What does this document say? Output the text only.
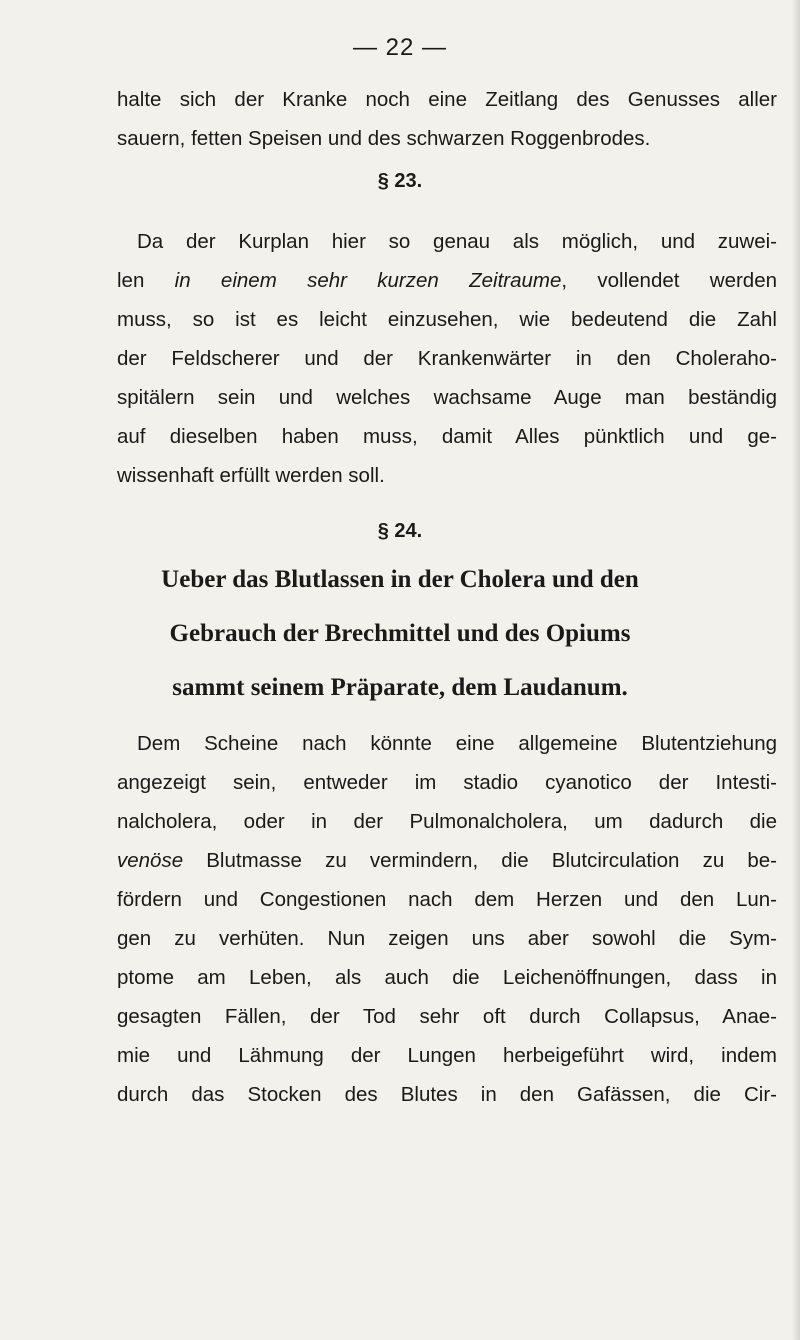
— 22 —
halte sich der Kranke noch eine Zeitlang des Genusses aller
sauern, fetten Speisen und des schwarzen Roggenbrodes.
§ 23.
Da der Kurplan hier so genau als möglich, und zuwei-
len in einem sehr kurzen Zeitraume, vollendet werden
muss, so ist es leicht einzusehen, wie bedeutend die Zahl
der Feldscherer und der Krankenwärter in den Choleraho-
spitälern sein und welches wachsame Auge man beständig
auf dieselben haben muss, damit Alles pünktlich und ge-
wissenhaft erfüllt werden soll.
§ 24.
Ueber das Blutlassen in der Cholera und den
Gebrauch der Brechmittel und des Opiums
sammt seinem Präparate, dem Laudanum.
Dem Scheine nach könnte eine allgemeine Blutentziehung
angezeigt sein, entweder im stadio cyanotico der Intesti-
nalcholera, oder in der Pulmonalcholera, um dadurch die
venöse Blutmasse zu vermindern, die Blutcirculation zu be-
fördern und Congestionen nach dem Herzen und den Lun-
gen zu verhüten. Nun zeigen uns aber sowohl die Sym-
ptome am Leben, als auch die Leichenöffnungen, dass in
gesagten Fällen, der Tod sehr oft durch Collapsus, Anae-
mie und Lähmung der Lungen herbeigeführt wird, indem
durch das Stocken des Blutes in den Gafässen, die Cir-
